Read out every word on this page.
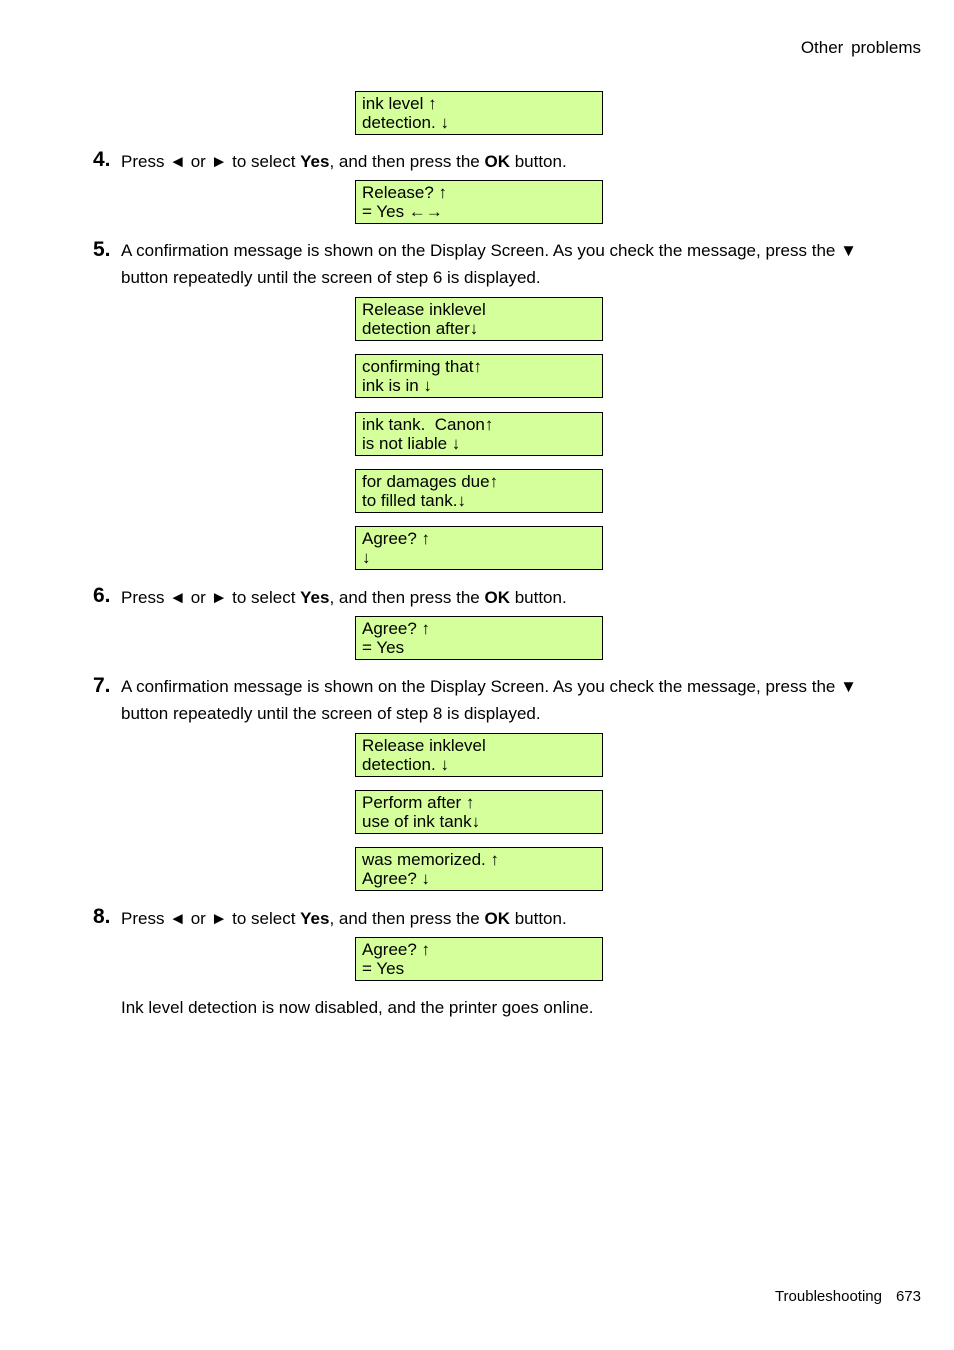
Other problems
ink level ↑
detection. ↓
4. Press ◄ or ► to select Yes, and then press the OK button.
Release? ↑
= Yes ←→
5. A confirmation message is shown on the Display Screen. As you check the message, press the ▼ button repeatedly until the screen of step 6 is displayed.
Release inklevel
detection after↓
confirming that↑
ink is in ↓
ink tank.  Canon↑
is not liable ↓
for damages due↑
to filled tank.↓
Agree? ↑
↓
6. Press ◄ or ► to select Yes, and then press the OK button.
Agree? ↑
= Yes
7. A confirmation message is shown on the Display Screen. As you check the message, press the ▼ button repeatedly until the screen of step 8 is displayed.
Release inklevel
detection. ↓
Perform after ↑
use of ink tank↓
was memorized. ↑
Agree? ↓
8. Press ◄ or ► to select Yes, and then press the OK button.
Agree? ↑
= Yes
Ink level detection is now disabled, and the printer goes online.
Troubleshooting 673
